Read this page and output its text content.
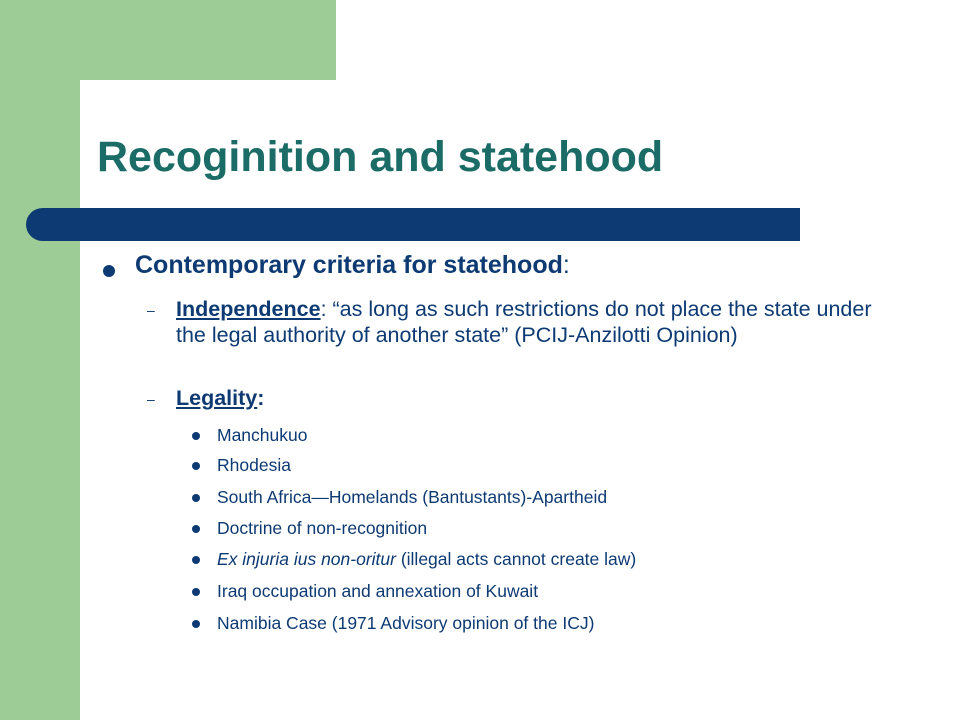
Recoginition and statehood
Contemporary criteria for statehood:
– Independence: “as long as such restrictions do not place the state under the legal authority of another state” (PCIJ-Anzilotti Opinion)
– Legality:
Manchukuo
Rhodesia
South Africa—Homelands (Bantustants)-Apartheid
Doctrine of non-recognition
Ex injuria ius non-oritur (illegal acts cannot create law)
Iraq occupation and annexation of Kuwait
Namibia Case (1971 Advisory opinion of the ICJ)
